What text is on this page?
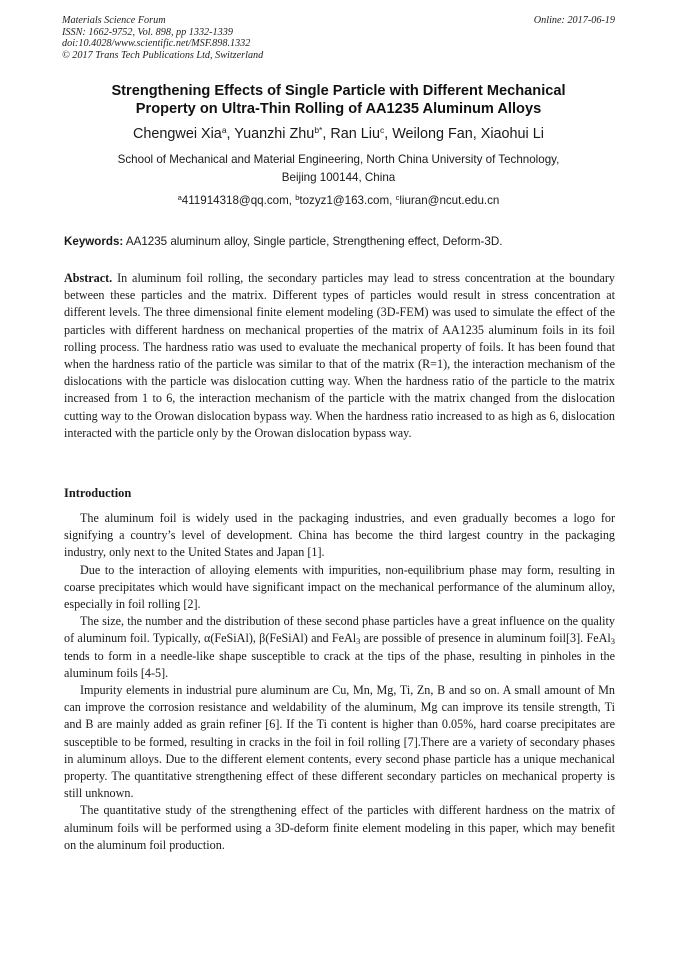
Materials Science Forum
ISSN: 1662-9752, Vol. 898, pp 1332-1339
doi:10.4028/www.scientific.net/MSF.898.1332
© 2017 Trans Tech Publications Ltd, Switzerland
Online: 2017-06-19
Strengthening Effects of Single Particle with Different Mechanical
Property on Ultra-Thin Rolling of AA1235 Aluminum Alloys
Chengwei Xia$^a$, Yuanzhi Zhu$^{b*}$, Ran Liu$^c$, Weilong Fan, Xiaohui Li
School of Mechanical and Material Engineering, North China University of Technology,
Beijing 100144, China
$^a$411914318@qq.com, $^b$tozyz1@163.com, $^c$liuran@ncut.edu.cn
Keywords: AA1235 aluminum alloy, Single particle, Strengthening effect, Deform-3D.

Abstract. In aluminum foil rolling, the secondary particles may lead to stress concentration at the boundary between these particles and the matrix. Different types of particles would result in stress concentration at different levels. The three dimensional finite element modeling (3D-FEM) was used to simulate the effect of the particles with different hardness on mechanical properties of the matrix of AA1235 aluminum foils in its foil rolling process. The hardness ratio was used to evaluate the mechanical property of foils. It has been found that when the hardness ratio of the particle was similar to that of the matrix (R=1), the interaction mechanism of the dislocations with the particle was dislocation cutting way. When the hardness ratio of the particle to the matrix increased from 1 to 6, the interaction mechanism of the particle with the matrix changed from the dislocation cutting way to the Orowan dislocation bypass way. When the hardness ratio increased to as high as 6, dislocation interacted with the particle only by the Orowan dislocation bypass way.

Introduction

The aluminum foil is widely used in the packaging industries, and even gradually becomes a logo for signifying a country’s level of development. China has become the third largest country in the packaging industry, only next to the United States and Japan [1].

Due to the interaction of alloying elements with impurities, non-equilibrium phase may form, resulting in coarse precipitates which would have significant impact on the mechanical performance of the aluminum alloy, especially in foil rolling [2].

The size, the number and the distribution of these second phase particles have a great influence on the quality of aluminum foil. Typically, α(FeSiAl), β(FeSiAl) and FeAl$_3$ are possible of presence in aluminum foil[3]. FeAl$_3$ tends to form in a needle-like shape susceptible to crack at the tips of the phase, resulting in pinholes in the aluminum foils [4-5].

Impurity elements in industrial pure aluminum are Cu, Mn, Mg, Ti, Zn, B and so on. A small amount of Mn can improve the corrosion resistance and weldability of the aluminum, Mg can improve its tensile strength, Ti and B are mainly added as grain refiner [6]. If the Ti content is higher than 0.05%, hard coarse precipitates are susceptible to be formed, resulting in cracks in the foil in foil rolling [7].There are a variety of secondary phases in aluminum alloys. Due to the different element contents, every second phase particle has a unique mechanical property. The quantitative strengthening effect of these different secondary particles on mechanical property is still unknown.

The quantitative study of the strengthening effect of the particles with different hardness on the matrix of aluminum foils will be performed using a 3D-deform finite element modeling in this paper, which may benefit on the aluminum foil production.
